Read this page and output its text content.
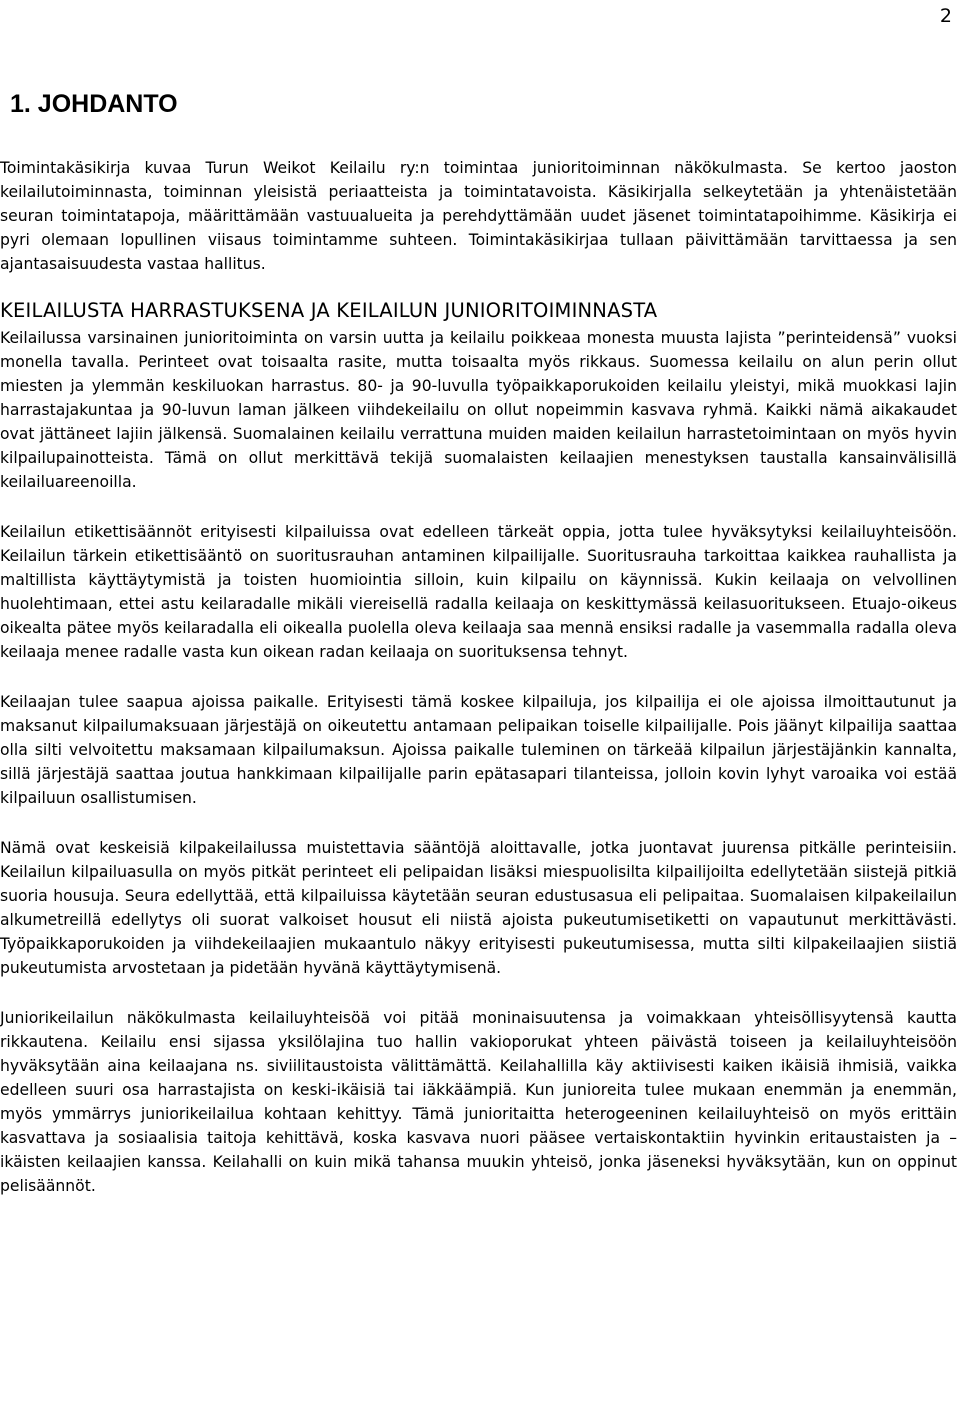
2
1. JOHDANTO

Toimintakäsikirja kuvaa Turun Weikot Keilailu ry:n toimintaa junioritoiminnan näkökulmasta. Se kertoo jaoston keilailutoiminnasta, toiminnan yleisistä periaatteista ja toimintatavoista. Käsikirjalla selkeytetään ja yhtenäistetään seuran toimintatapoja, määrittämään vastuualueita ja perehdyttämään uudet jäsenet toimintatapoihimme. Käsikirja ei pyri olemaan lopullinen viisaus toimintamme suhteen. Toimintakäsikirjaa tullaan päivittämään tarvittaessa ja sen ajantasaisuudesta vastaa hallitus.

KEILAILUSTA HARRASTUKSENA JA KEILAILUN JUNIORITOIMINNASTA

Keilailussa varsinainen junioritoiminta on varsin uutta ja keilailu poikkeaa monesta muusta lajista ”perinteidensä” vuoksi monella tavalla. Perinteet ovat toisaalta rasite, mutta toisaalta myös rikkaus. Suomessa keilailu on alun perin ollut miesten ja ylemmän keskiluokan harrastus. 80- ja 90-luvulla työpaikkaporukoiden keilailu yleistyi, mikä muokkasi lajin harrastajakuntaa ja 90-luvun laman jälkeen viihdekeilailu on ollut nopeimmin kasvava ryhmä. Kaikki nämä aikakaudet ovat jättäneet lajiin jälkensä. Suomalainen keilailu verrattuna muiden maiden keilailun harrastetoimintaan on myös hyvin kilpailupainotteista. Tämä on ollut merkittävä tekijä suomalaisten keilaajien menestyksen taustalla kansainvälisillä keilailuareenoilla.

Keilailun etikettisäännöt erityisesti kilpailuissa ovat edelleen tärkeät oppia, jotta tulee hyväksytyksi keilailuyhteisöön. Keilailun tärkein etikettisääntö on suoritusrauhan antaminen kilpailijalle. Suoritusrauha tarkoittaa kaikkea rauhallista ja maltillista käyttäytymistä ja toisten huomiointia silloin, kuin kilpailu on käynnissä. Kukin keilaaja on velvollinen huolehtimaan, ettei astu keilaradalle mikäli viereisellä radalla keilaaja on keskittymässä keilasuoritukseen. Etuajo-oikeus oikealta pätee myös keilaradalla eli oikealla puolella oleva keilaaja saa mennä ensiksi radalle ja vasemmalla radalla oleva keilaaja menee radalle vasta kun oikean radan keilaaja on suorituksensa tehnyt.

Keilaajan tulee saapua ajoissa paikalle. Erityisesti tämä koskee kilpailuja, jos kilpailija ei ole ajoissa ilmoittautunut ja maksanut kilpailumaksuaan järjestäjä on oikeutettu antamaan pelipaikan toiselle kilpailijalle. Pois jäänyt kilpailija saattaa olla silti velvoitettu maksamaan kilpailumaksun. Ajoissa paikalle tuleminen on tärkeää kilpailun järjestäjänkin kannalta, sillä järjestäjä saattaa joutua hankkimaan kilpailijalle parin epätasapari tilanteissa, jolloin kovin lyhyt varoaika voi estää kilpailuun osallistumisen.

Nämä ovat keskeisiä kilpakeilailussa muistettavia sääntöjä aloittavalle, jotka juontavat juurensa pitkälle perinteisiin. Keilailun kilpailuasulla on myös pitkät perinteet eli pelipaidan lisäksi miespuolisilta kilpailijoilta edellytetään siistejä pitkiä suoria housuja. Seura edellyttää, että kilpailuissa käytetään seuran edustusasua eli pelipaitaa. Suomalaisen kilpakeilailun alkumetreillä edellytys oli suorat valkoiset housut eli niistä ajoista pukeutumisetiketti on vapautunut merkittävästi. Työpaikkaporukoiden ja viihdekeilaajien mukaantulo näkyy erityisesti pukeutumisessa, mutta silti kilpakeilaajien siistiä pukeutumista arvostetaan ja pidetään hyvänä käyttäytymisenä.

Juniorikeilailun näkökulmasta keilailuyhteisöä voi pitää moninaisuutensa ja voimakkaan yhteisöllisyytensä kautta rikkautena. Keilailu ensi sijassa yksilölajina tuo hallin vakioporukat yhteen päivästä toiseen ja keilailuyhteisöön hyväksytään aina keilaajana ns. siviilitaustoista välittämättä. Keilahallilla käy aktiivisesti kaiken ikäisiä ihmisiä, vaikka edelleen suuri osa harrastajista on keski-ikäisiä tai iäkkäämpiä. Kun junioreita tulee mukaan enemmän ja enemmän, myös ymmärrys juniorikeilailua kohtaan kehittyy. Tämä junioritaitta heterogeeninen keilailuyhteisö on myös erittäin kasvattava ja sosiaalisia taitoja kehittävä, koska kasvava nuori pääsee vertaiskontaktiin hyvinkin eritaustaisten ja –ikäisten keilaajien kanssa. Keilahalli on kuin mikä tahansa muukin yhteisö, jonka jäseneksi hyväksytään, kun on oppinut pelisäännöt.
